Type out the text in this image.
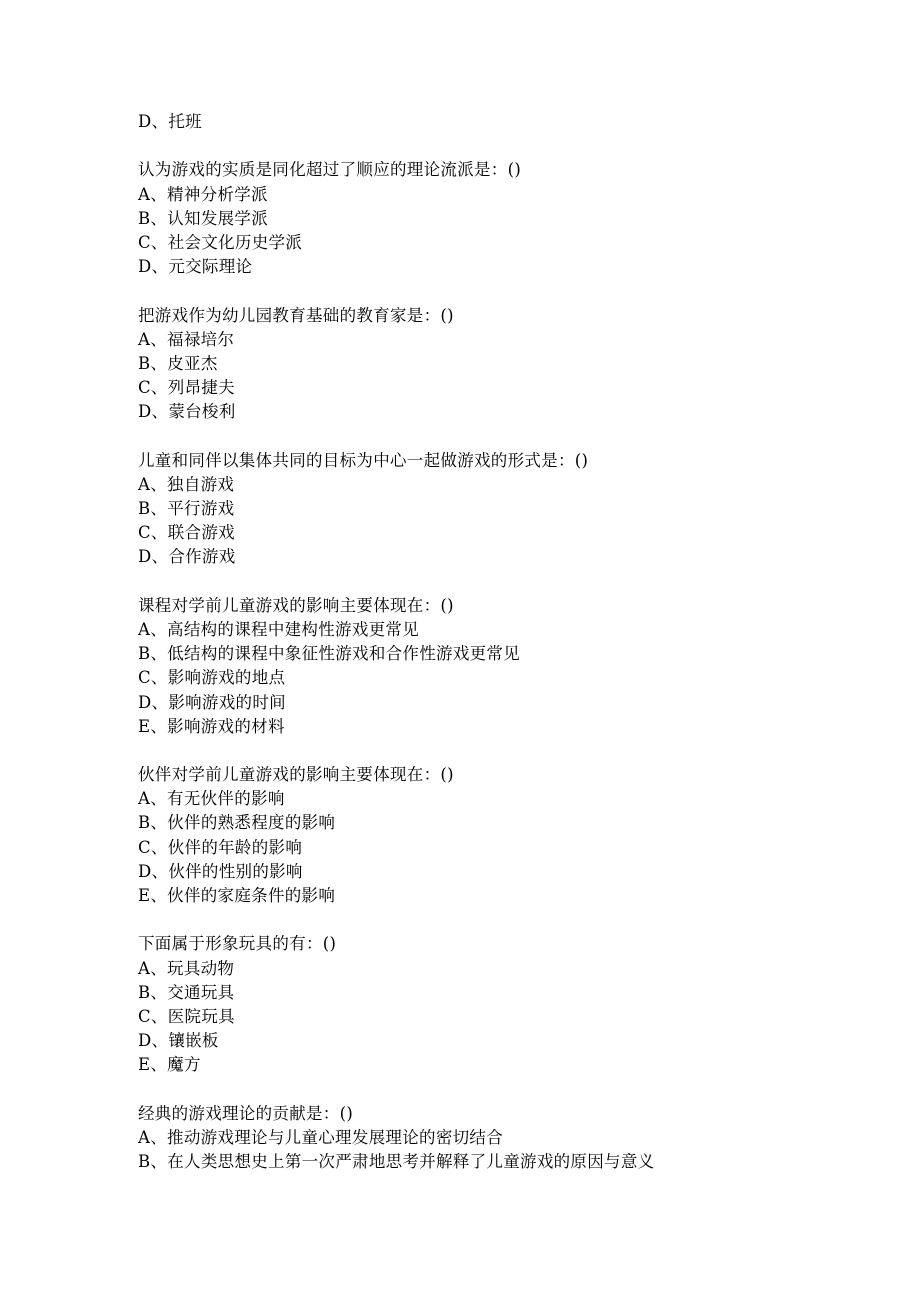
D、托班
认为游戏的实质是同化超过了顺应的理论流派是：()
A、精神分析学派
B、认知发展学派
C、社会文化历史学派
D、元交际理论
把游戏作为幼儿园教育基础的教育家是：()
A、福禄培尔
B、皮亚杰
C、列昂捷夫
D、蒙台梭利
儿童和同伴以集体共同的目标为中心一起做游戏的形式是：()
A、独自游戏
B、平行游戏
C、联合游戏
D、合作游戏
课程对学前儿童游戏的影响主要体现在：()
A、高结构的课程中建构性游戏更常见
B、低结构的课程中象征性游戏和合作性游戏更常见
C、影响游戏的地点
D、影响游戏的时间
E、影响游戏的材料
伙伴对学前儿童游戏的影响主要体现在：()
A、有无伙伴的影响
B、伙伴的熟悉程度的影响
C、伙伴的年龄的影响
D、伙伴的性别的影响
E、伙伴的家庭条件的影响
下面属于形象玩具的有：()
A、玩具动物
B、交通玩具
C、医院玩具
D、镶嵌板
E、魔方
经典的游戏理论的贡献是：()
A、推动游戏理论与儿童心理发展理论的密切结合
B、在人类思想史上第一次严肃地思考并解释了儿童游戏的原因与意义
